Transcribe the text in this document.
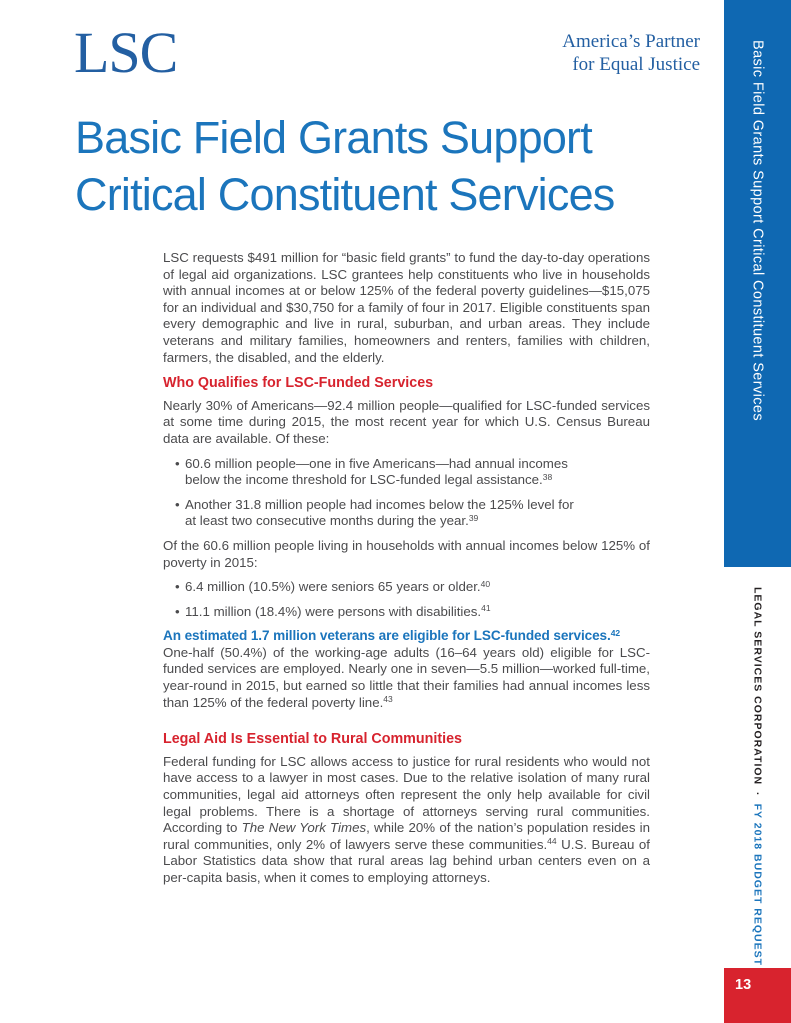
LSC	America’s Partner
for Equal Justice
Basic Field Grants Support
Critical Constituent Services

LSC requests $491 million for “basic field grants” to fund the day-to-day operations of legal aid organizations. LSC grantees help constituents who live in households with annual incomes at or below 125% of the federal poverty guidelines—$15,075 for an individual and $30,750 for a family of four in 2017. Eligible constituents span every demographic and live in rural, suburban, and urban areas. They include veterans and military families, homeowners and renters, families with children, farmers, the disabled, and the elderly.

Who Qualifies for LSC-Funded Services

Nearly 30% of Americans—92.4 million people—qualified for LSC-funded services at some time during 2015, the most recent year for which U.S. Census Bureau data are available. Of these:

• 60.6 million people—one in five Americans—had annual incomes below the income threshold for LSC-funded legal assistance.$^{38}$
• Another 31.8 million people had incomes below the 125% level for at least two consecutive months during the year.$^{39}$

Of the 60.6 million people living in households with annual incomes below 125% of poverty in 2015:

• 6.4 million (10.5%) were seniors 65 years or older.$^{40}$
• 11.1 million (18.4%) were persons with disabilities.$^{41}$

An estimated 1.7 million veterans are eligible for LSC-funded services.$^{42}$

One-half (50.4%) of the working-age adults (16–64 years old) eligible for LSC-funded services are employed. Nearly one in seven—5.5 million—worked full-time, year-round in 2015, but earned so little that their families had annual incomes less than 125% of the federal poverty line.$^{43}$

Legal Aid Is Essential to Rural Communities

Federal funding for LSC allows access to justice for rural residents who would not have access to a lawyer in most cases. Due to the relative isolation of many rural communities, legal aid attorneys often represent the only help available for civil legal problems. There is a shortage of attorneys serving rural communities. According to The New York Times, while 20% of the nation’s population resides in rural communities, only 2% of lawyers serve these communities.$^{44}$ U.S. Bureau of Labor Statistics data show that rural areas lag behind urban centers even on a per-capita basis, when it comes to employing attorneys.

Basic Field Grants Support Critical Constituent Services
LEGAL SERVICES CORPORATION·FY 2018 BUDGET REQUEST
13
